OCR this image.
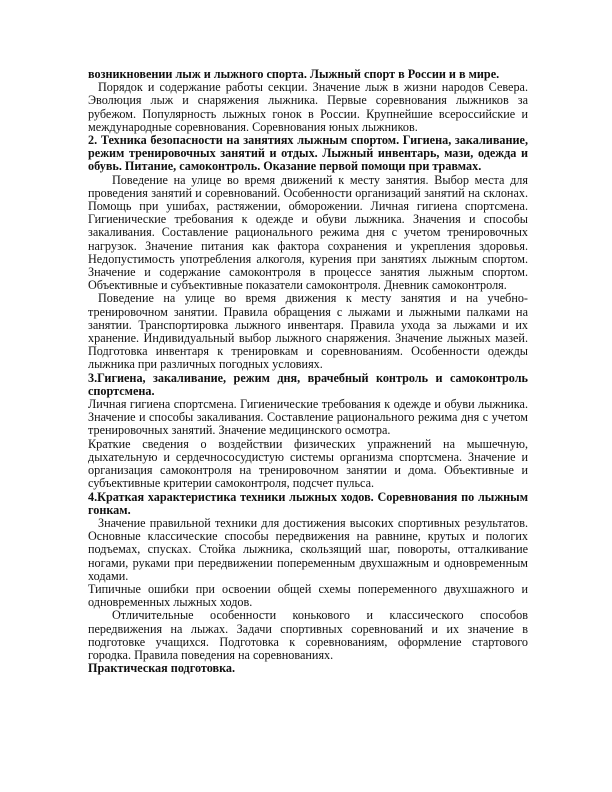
возникновении лыж и лыжного спорта. Лыжный спорт в России и в мире.

Порядок и содержание работы секции. Значение лыж в жизни народов Севера. Эволюция лыж и снаряжения лыжника. Первые соревнования лыжников за рубежом. Популярность лыжных гонок в России. Крупнейшие всероссийские и международные соревнования. Соревнования юных лыжников.

2. Техника безопасности на занятиях лыжным спортом. Гигиена, закаливание, режим тренировочных занятий и отдых. Лыжный инвентарь, мази, одежда и обувь. Питание, самоконтроль. Оказание первой помощи при травмах.

Поведение на улице во время движений к месту занятия. Выбор места для проведения занятий и соревнований. Особенности организаций занятий на склонах. Помощь при ушибах, растяжении, обморожении. Личная гигиена спортсмена. Гигиенические требования к одежде и обуви лыжника. Значения и способы закаливания. Составление рационального режима дня с учетом тренировочных нагрузок. Значение питания как фактора сохранения и укрепления здоровья. Недопустимость употребления алкоголя, курения при занятиях лыжным спортом. Значение и содержание самоконтроля в процессе занятия лыжным спортом. Объективные и субъективные показатели самоконтроля. Дневник самоконтроля.

Поведение на улице во время движения к месту занятия и на учебно-тренировочном занятии. Правила обращения с лыжами и лыжными палками на занятии. Транспортировка лыжного инвентаря. Правила ухода за лыжами и их хранение. Индивидуальный выбор лыжного снаряжения. Значение лыжных мазей. Подготовка инвентаря к тренировкам и соревнованиям. Особенности одежды лыжника при различных погодных условиях.

3.Гигиена, закаливание, режим дня, врачебный контроль и самоконтроль спортсмена.

Личная гигиена спортсмена. Гигиенические требования к одежде и обуви лыжника. Значение и способы закаливания. Составление рационального режима дня с учетом тренировочных занятий. Значение медицинского осмотра.

Краткие сведения о воздействии физических упражнений на мышечную, дыхательную и сердечнососудистую системы организма спортсмена. Значение и организация самоконтроля на тренировочном занятии и дома. Объективные и субъективные критерии самоконтроля, подсчет пульса.

4.Краткая характеристика техники лыжных ходов. Соревнования по лыжным гонкам.

Значение правильной техники для достижения высоких спортивных результатов. Основные классические способы передвижения на равнине, крутых и пологих подъемах, спусках. Стойка лыжника, скользящий шаг, повороты, отталкивание ногами, руками при передвижении попеременным двухшажным и одновременным ходами.

Типичные ошибки при освоении общей схемы попеременного двухшажного и одновременных лыжных ходов.

Отличительные особенности конькового и классического способов передвижения на лыжах. Задачи спортивных соревнований и их значение в подготовке учащихся. Подготовка к соревнованиям, оформление стартового городка. Правила поведения на соревнованиях.

Практическая подготовка.
